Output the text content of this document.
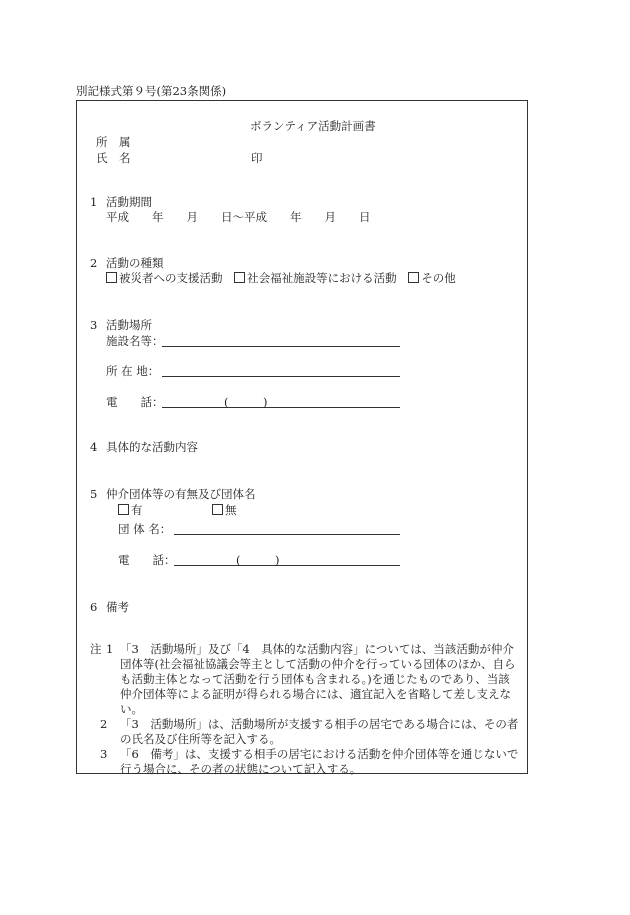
別記様式第９号(第23条関係)
ボランティア活動計画書
所　属
氏　名	印
1 活動期間
平成　　年　　月　　日～平成　　年　　月　　日
2 活動の種類
被災者への支援活動 社会福祉施設等における活動 その他
3 活動場所
施設名等：
所 在 地：
電　　話：	(　　　)
4 具体的な活動内容
5 仲介団体等の有無及び団体名
有	無
団 体 名：
電　　話：	(　　　)
6 備考
注 1 「3　活動場所」及び「4　具体的な活動内容」については、当該活動が仲介団体等(社会福祉協議会等主として活動の仲介を行っている団体のほか、自らも活動主体となって活動を行う団体も含まれる。)を通じたものであり、当該仲介団体等による証明が得られる場合には、適宜記入を省略して差し支えない。
2 「3　活動場所」は、活動場所が支援する相手の居宅である場合には、その者の氏名及び住所等を記入する。
3 「6　備考」は、支援する相手の居宅における活動を仲介団体等を通じないで行う場合に、その者の状態について記入する。
